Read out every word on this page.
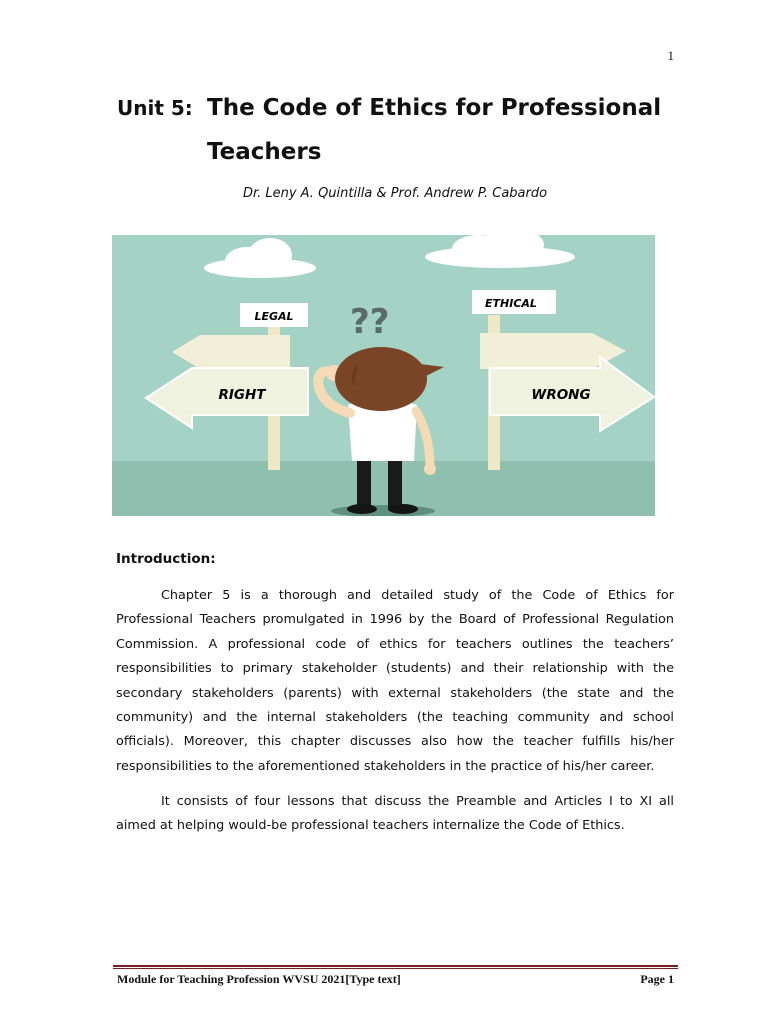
1
Unit 5: The Code of Ethics for Professional
Teachers
Dr. Leny A. Quintilla & Prof. Andrew P. Cabardo
LEGAL
RIGHT
ETHICAL
WRONG
??
Introduction:
Chapter 5 is a thorough and detailed study of the Code of Ethics for Professional Teachers promulgated in 1996 by the Board of Professional Regulation Commission. A professional code of ethics for teachers outlines the teachers’ responsibilities to primary stakeholder (students) and their relationship with the secondary stakeholders (parents) with external stakeholders (the state and the community) and the internal stakeholders (the teaching community and school officials). Moreover, this chapter discusses also how the teacher fulfills his/her responsibilities to the aforementioned stakeholders in the practice of his/her career.
It consists of four lessons that discuss the Preamble and Articles I to XI all aimed at helping would-be professional teachers internalize the Code of Ethics.
Module for Teaching Profession WVSU 2021[Type text]	Page 1
